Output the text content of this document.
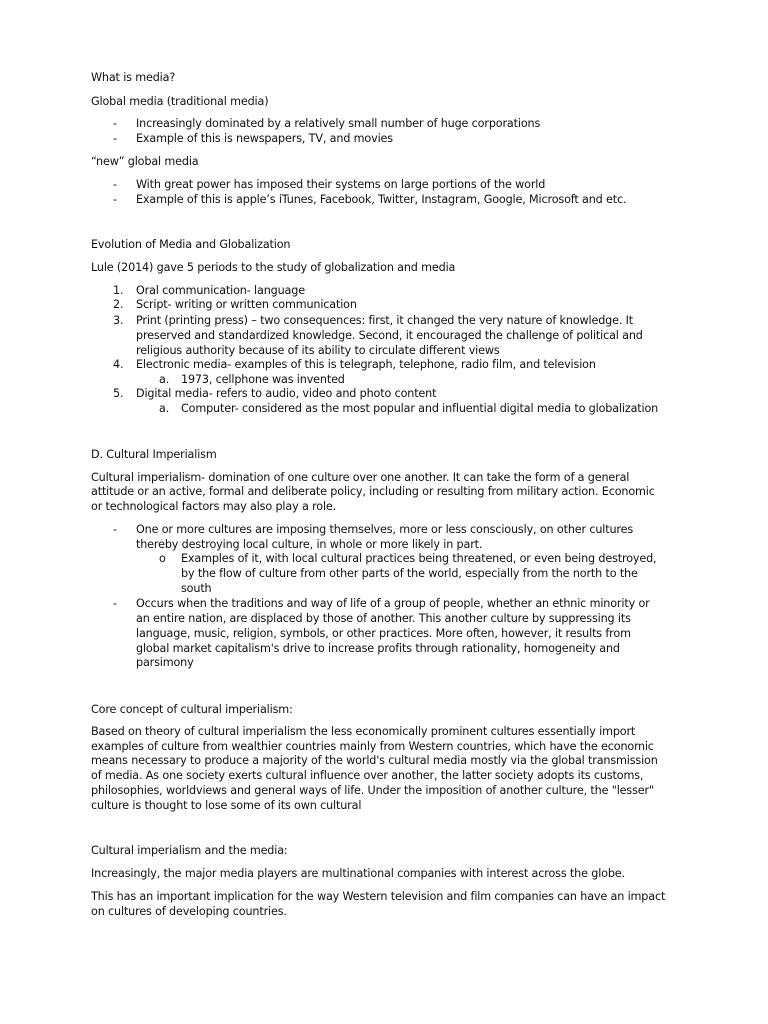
What is media?
Global media (traditional media)
- Increasingly dominated by a relatively small number of huge corporations
- Example of this is newspapers, TV, and movies
“new” global media
- With great power has imposed their systems on large portions of the world
- Example of this is apple’s iTunes, Facebook, Twitter, Instagram, Google, Microsoft and etc.
Evolution of Media and Globalization
Lule (2014) gave 5 periods to the study of globalization and media
1. Oral communication- language
2. Script- writing or written communication
3. Print (printing press) – two consequences: first, it changed the very nature of knowledge. It
preserved and standardized knowledge. Second, it encouraged the challenge of political and
religious authority because of its ability to circulate different views
4. Electronic media- examples of this is telegraph, telephone, radio film, and television
a. 1973, cellphone was invented
5. Digital media- refers to audio, video and photo content
a. Computer- considered as the most popular and influential digital media to globalization
D. Cultural Imperialism
Cultural imperialism- domination of one culture over one another. It can take the form of a general
attitude or an active, formal and deliberate policy, including or resulting from military action. Economic
or technological factors may also play a role.
- One or more cultures are imposing themselves, more or less consciously, on other cultures
thereby destroying local culture, in whole or more likely in part.
o Examples of it, with local cultural practices being threatened, or even being destroyed,
by the flow of culture from other parts of the world, especially from the north to the
south
- Occurs when the traditions and way of life of a group of people, whether an ethnic minority or
an entire nation, are displaced by those of another. This another culture by suppressing its
language, music, religion, symbols, or other practices. More often, however, it results from
global market capitalism's drive to increase profits through rationality, homogeneity and
parsimony
Core concept of cultural imperialism:
Based on theory of cultural imperialism the less economically prominent cultures essentially import
examples of culture from wealthier countries mainly from Western countries, which have the economic
means necessary to produce a majority of the world's cultural media mostly via the global transmission
of media. As one society exerts cultural influence over another, the latter society adopts its customs,
philosophies, worldviews and general ways of life. Under the imposition of another culture, the "lesser"
culture is thought to lose some of its own cultural
Cultural imperialism and the media:
Increasingly, the major media players are multinational companies with interest across the globe.
This has an important implication for the way Western television and film companies can have an impact
on cultures of developing countries.
